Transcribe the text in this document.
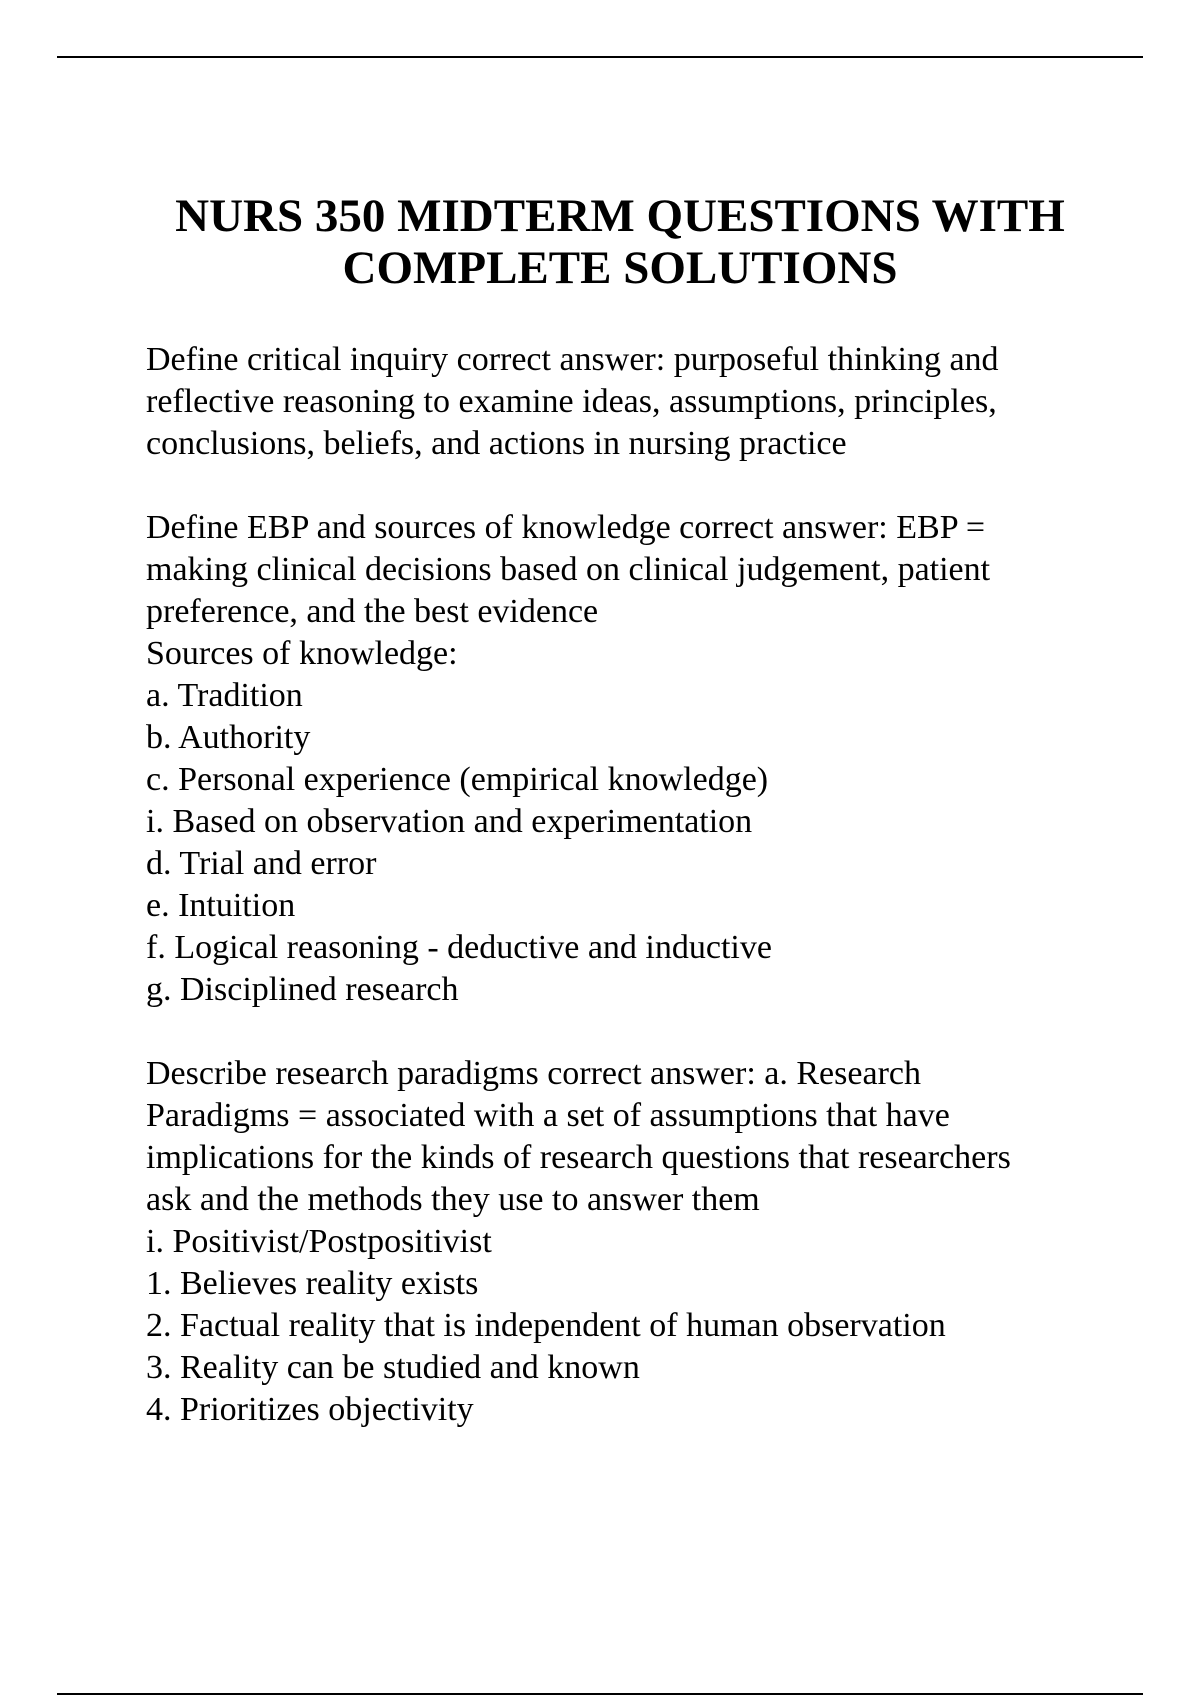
NURS 350 MIDTERM QUESTIONS WITH
COMPLETE SOLUTIONS
Define critical inquiry correct answer: purposeful thinking and
reflective reasoning to examine ideas, assumptions, principles,
conclusions, beliefs, and actions in nursing practice
Define EBP and sources of knowledge correct answer: EBP =
making clinical decisions based on clinical judgement, patient
preference, and the best evidence
Sources of knowledge:
a. Tradition
b. Authority
c. Personal experience (empirical knowledge)
i. Based on observation and experimentation
d. Trial and error
e. Intuition
f. Logical reasoning - deductive and inductive
g. Disciplined research
Describe research paradigms correct answer: a. Research
Paradigms = associated with a set of assumptions that have
implications for the kinds of research questions that researchers
ask and the methods they use to answer them
i. Positivist/Postpositivist
1. Believes reality exists
2. Factual reality that is independent of human observation
3. Reality can be studied and known
4. Prioritizes objectivity
